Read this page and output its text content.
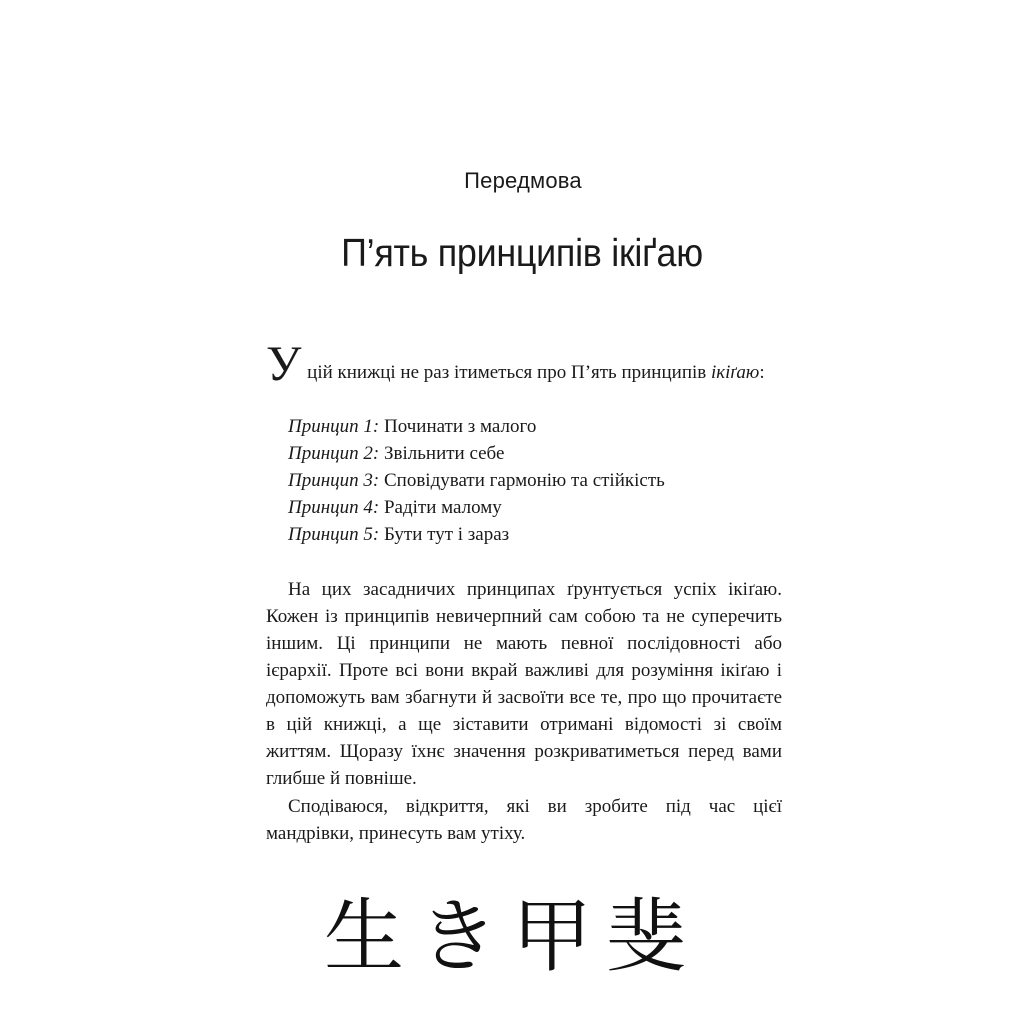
Передмова
П’ять принципів ікіґаю
У цій книжці не раз ітиметься про П’ять принципів ікіґаю:
Принцип 1: Починати з малого
Принцип 2: Звільнити себе
Принцип 3: Сповідувати гармонію та стійкість
Принцип 4: Радіти малому
Принцип 5: Бути тут і зараз

На цих засадничих принципах ґрунтується успіх ікіґаю. Кожен із принципів невичерпний сам собою та не суперечить іншим. Ці принципи не мають певної послідовності або ієрархії. Проте всі вони вкрай важливі для розуміння ікіґаю і допоможуть вам збагнути й засвоїти все те, про що прочитаєте в цій книжці, а ще зіставити отримані відомості зі своїм життям. Щоразу їхнє значення розкриватиметься перед вами глибше й повніше.

Сподіваюся, відкриття, які ви зробите під час цієї мандрівки, принесуть вам утіху.

生き甲斐
